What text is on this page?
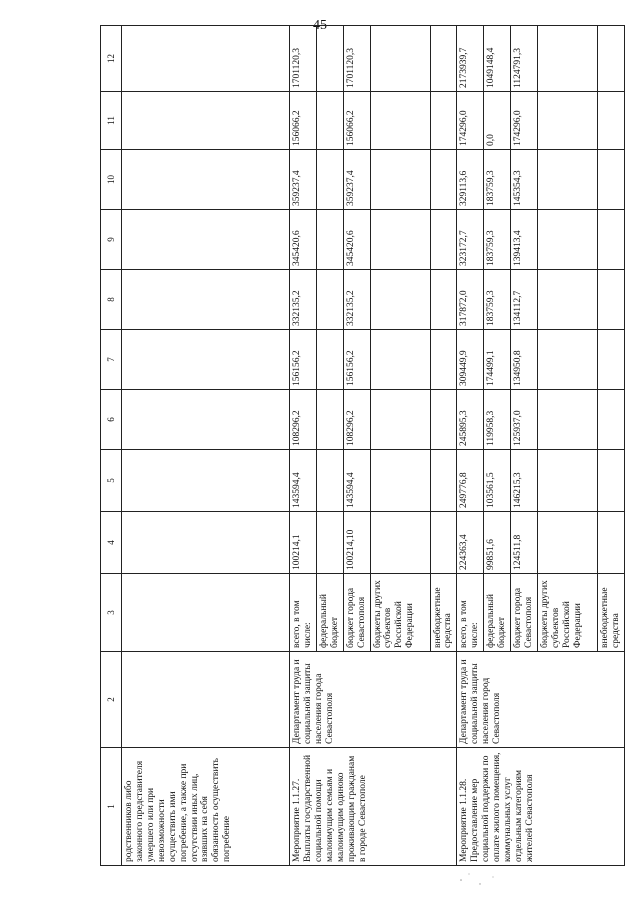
45
1	2	3	4	5	6	7	8	9	10	11	12
родственников либо законного представителя умершего или при невозможности осуществить ими погребение, а также при отсутствии иных лиц, взявших на себя обязанность осуществить погребение											
Мероприятие 1.1.27. Выплаты государственной социальной помощи малоимущим семьям и малоимущим одиноко проживающим гражданам в городе Севастополе	Департамент труда и социальной защиты населения города Севастополя	всего, в том числе:	100214,1	143594,4	108296,2	156156,2	332135,2	345420,6	359237,4	156066,2	1701120,3
		федеральный бюджет									
		бюджет города Севастополя	100214,10	143594,4	108296,2	156156,2	332135,2	345420,6	359237,4	156066,2	1701120,3
		бюджеты других субъектов Российской Федерации									
		внебюджетные средства									
Мероприятие 1.1.28. Предоставление мер социальной поддержки по оплате жилого помещения, коммунальных услуг отдельным категориям жителей Севастополя	Департамент труда и социальной защиты населения город Севастополя	всего, в том числе:	224363,4	249776,8	245895,3	309449,9	317872,0	323172,7	329113,6	174296,0	2173939,7
		федеральный бюджет	99851,6	103561,5	119958,3	174499,1	183759,3	183759,3	183759,3	0,0	1049148,4
		бюджет города Севастополя	124511,8	146215,3	125937,0	134950,8	134112,7	139413,4	145354,3	174296,0	1124791,3
		бюджеты других субъектов Российской Федерации									
		внебюджетные средства									
